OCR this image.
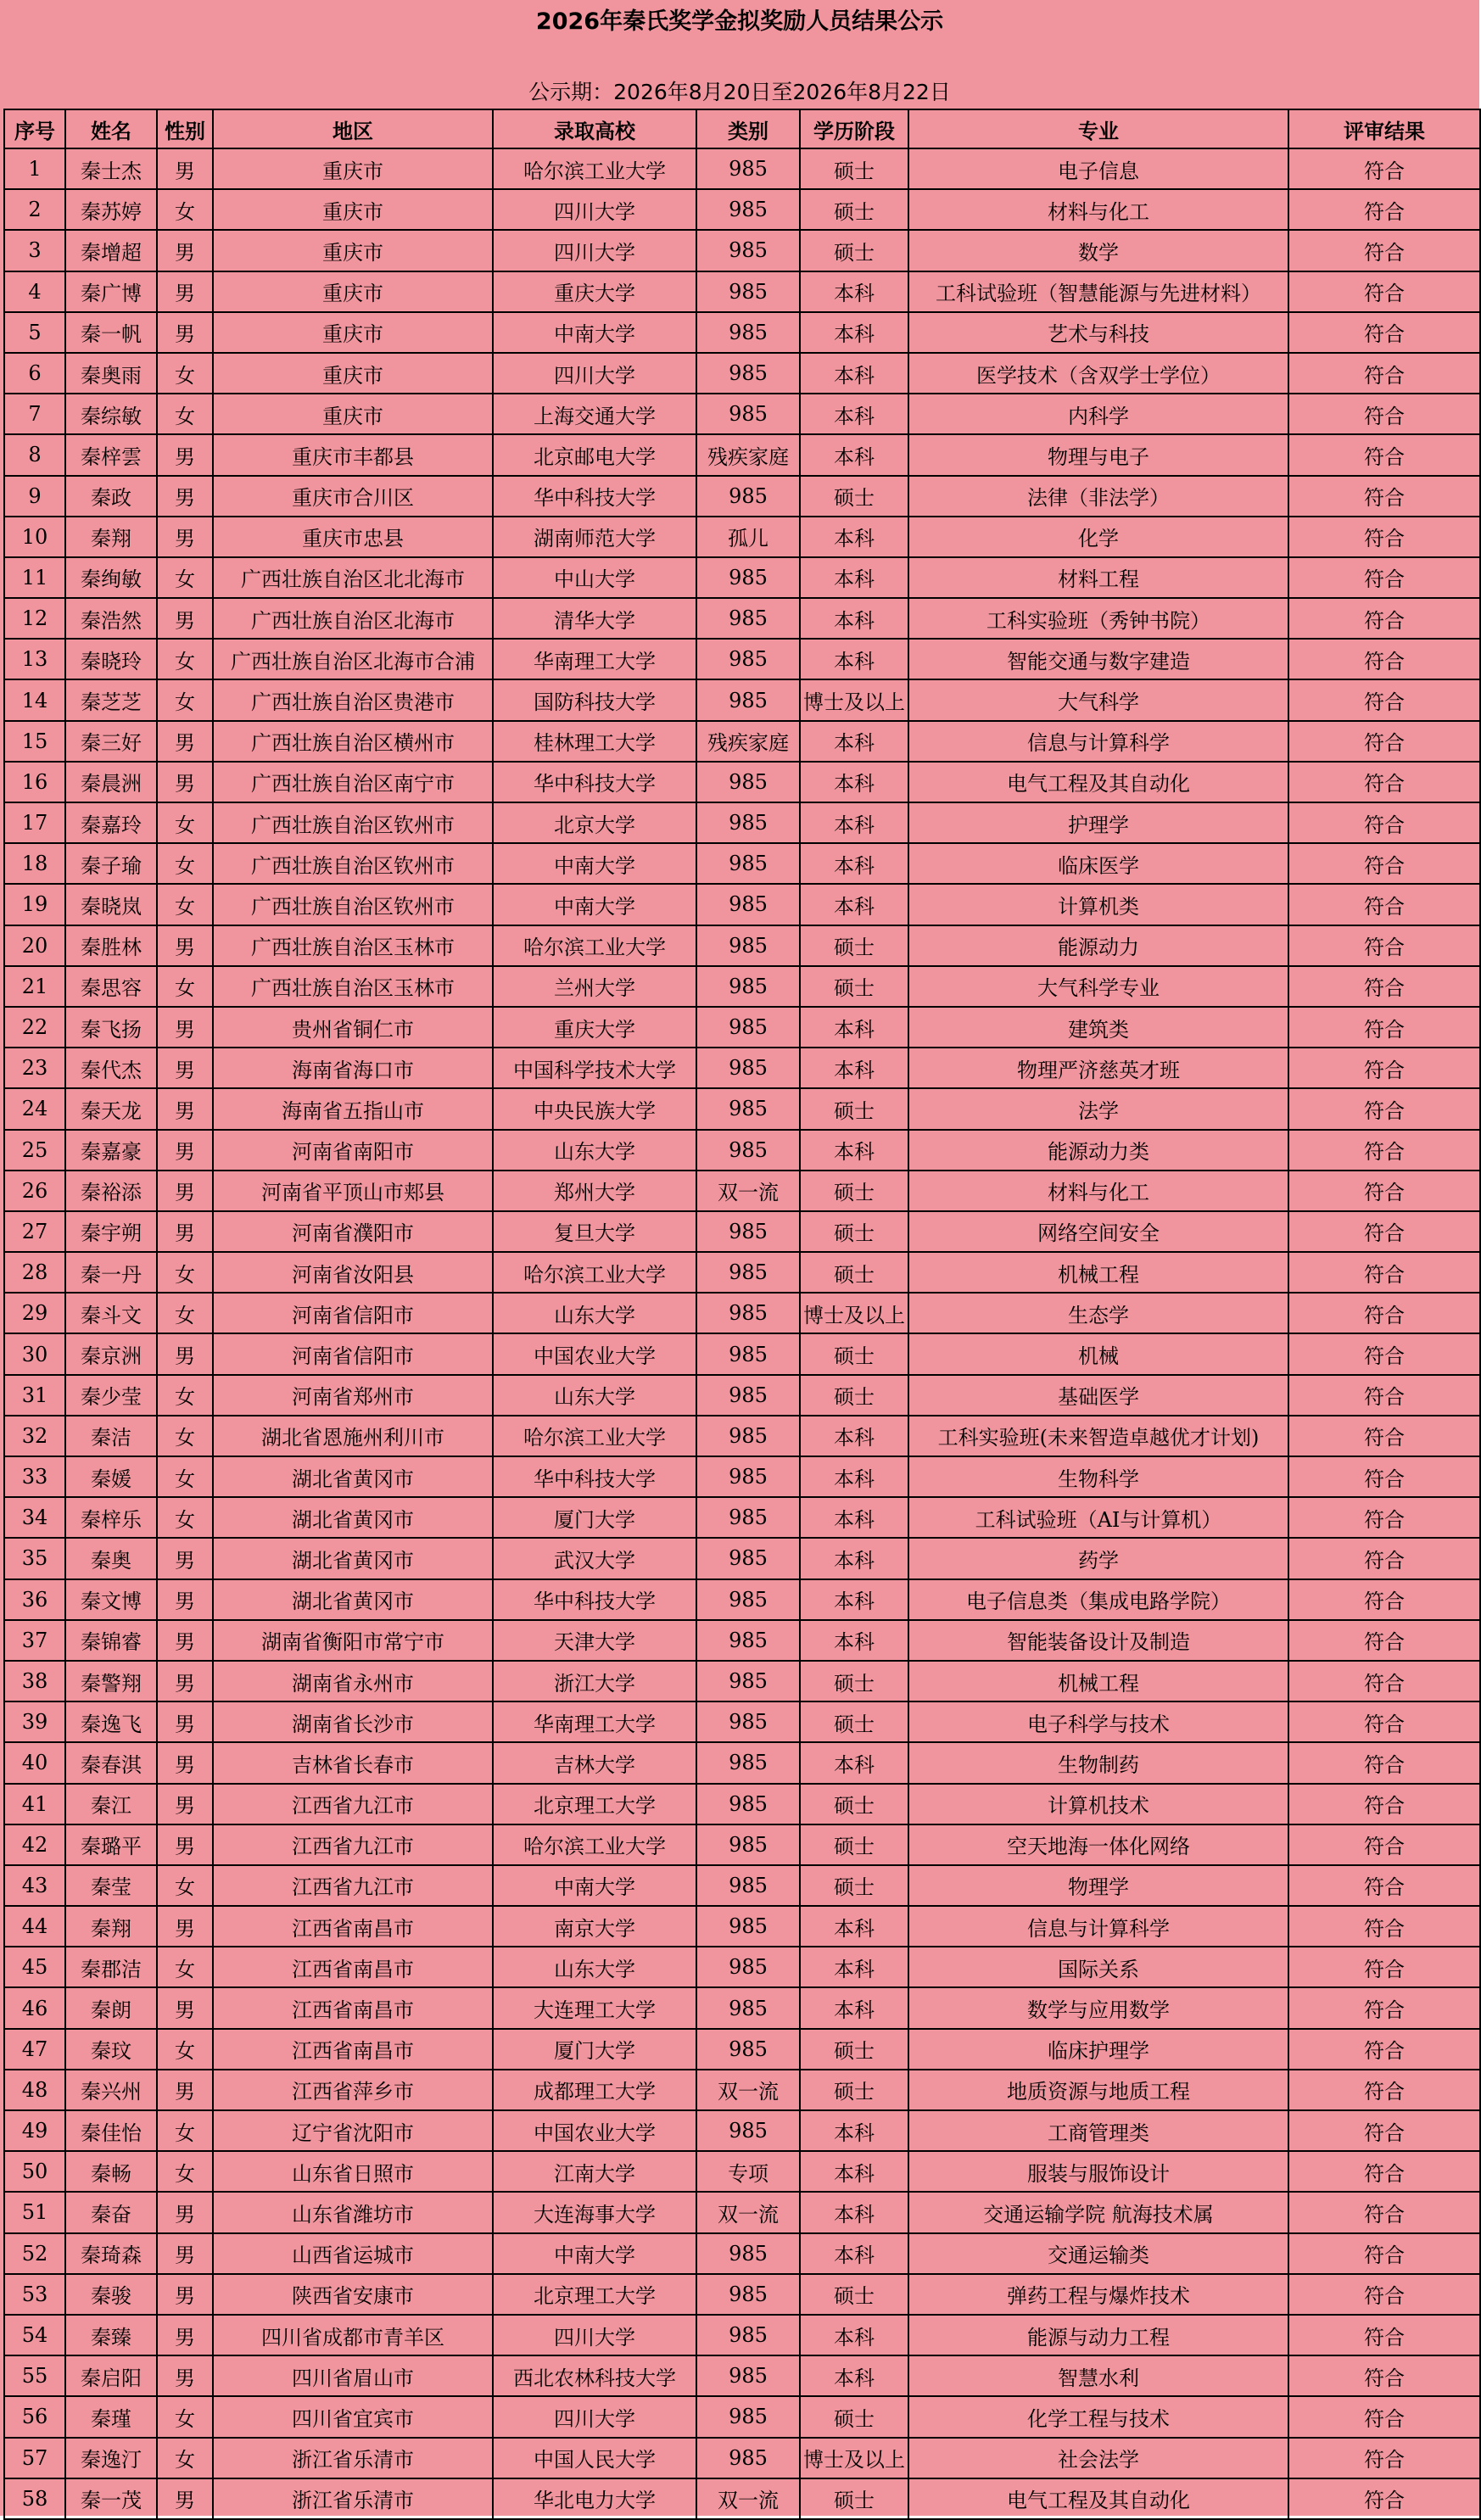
2026年秦氏奖学金拟奖励人员结果公示
公示期：2026年8月20日至2026年8月22日
序号	姓名	性别	地区	录取高校	类别	学历阶段	专业	评审结果
1	秦士杰	男	重庆市	哈尔滨工业大学	985	硕士	电子信息	符合
2	秦苏婷	女	重庆市	四川大学	985	硕士	材料与化工	符合
3	秦增超	男	重庆市	四川大学	985	硕士	数学	符合
4	秦广博	男	重庆市	重庆大学	985	本科	工科试验班（智慧能源与先进材料）	符合
5	秦一帆	男	重庆市	中南大学	985	本科	艺术与科技	符合
6	秦奥雨	女	重庆市	四川大学	985	本科	医学技术（含双学士学位）	符合
7	秦综敏	女	重庆市	上海交通大学	985	本科	内科学	符合
8	秦梓雲	男	重庆市丰都县	北京邮电大学	残疾家庭	本科	物理与电子	符合
9	秦政	男	重庆市合川区	华中科技大学	985	硕士	法律（非法学）	符合
10	秦翔	男	重庆市忠县	湖南师范大学	孤儿	本科	化学	符合
11	秦绚敏	女	广西壮族自治区北北海市	中山大学	985	本科	材料工程	符合
12	秦浩然	男	广西壮族自治区北海市	清华大学	985	本科	工科实验班（秀钟书院）	符合
13	秦晓玲	女	广西壮族自治区北海市合浦	华南理工大学	985	本科	智能交通与数字建造	符合
14	秦芝芝	女	广西壮族自治区贵港市	国防科技大学	985	博士及以上	大气科学	符合
15	秦三好	男	广西壮族自治区横州市	桂林理工大学	残疾家庭	本科	信息与计算科学	符合
16	秦晨洲	男	广西壮族自治区南宁市	华中科技大学	985	本科	电气工程及其自动化	符合
17	秦嘉玲	女	广西壮族自治区钦州市	北京大学	985	本科	护理学	符合
18	秦子瑜	女	广西壮族自治区钦州市	中南大学	985	本科	临床医学	符合
19	秦晓岚	女	广西壮族自治区钦州市	中南大学	985	本科	计算机类	符合
20	秦胜林	男	广西壮族自治区玉林市	哈尔滨工业大学	985	硕士	能源动力	符合
21	秦思容	女	广西壮族自治区玉林市	兰州大学	985	硕士	大气科学专业	符合
22	秦飞扬	男	贵州省铜仁市	重庆大学	985	本科	建筑类	符合
23	秦代杰	男	海南省海口市	中国科学技术大学	985	本科	物理严济慈英才班	符合
24	秦天龙	男	海南省五指山市	中央民族大学	985	硕士	法学	符合
25	秦嘉豪	男	河南省南阳市	山东大学	985	本科	能源动力类	符合
26	秦裕添	男	河南省平顶山市郏县	郑州大学	双一流	硕士	材料与化工	符合
27	秦宇朔	男	河南省濮阳市	复旦大学	985	硕士	网络空间安全	符合
28	秦一丹	女	河南省汝阳县	哈尔滨工业大学	985	硕士	机械工程	符合
29	秦斗文	女	河南省信阳市	山东大学	985	博士及以上	生态学	符合
30	秦京洲	男	河南省信阳市	中国农业大学	985	硕士	机械	符合
31	秦少莹	女	河南省郑州市	山东大学	985	硕士	基础医学	符合
32	秦洁	女	湖北省恩施州利川市	哈尔滨工业大学	985	本科	工科实验班(未来智造卓越优才计划)	符合
33	秦媛	女	湖北省黄冈市	华中科技大学	985	本科	生物科学	符合
34	秦梓乐	女	湖北省黄冈市	厦门大学	985	本科	工科试验班（AI与计算机）	符合
35	秦奥	男	湖北省黄冈市	武汉大学	985	本科	药学	符合
36	秦文博	男	湖北省黄冈市	华中科技大学	985	本科	电子信息类（集成电路学院）	符合
37	秦锦睿	男	湖南省衡阳市常宁市	天津大学	985	本科	智能装备设计及制造	符合
38	秦警翔	男	湖南省永州市	浙江大学	985	硕士	机械工程	符合
39	秦逸飞	男	湖南省长沙市	华南理工大学	985	硕士	电子科学与技术	符合
40	秦春淇	男	吉林省长春市	吉林大学	985	本科	生物制药	符合
41	秦江	男	江西省九江市	北京理工大学	985	硕士	计算机技术	符合
42	秦璐平	男	江西省九江市	哈尔滨工业大学	985	硕士	空天地海一体化网络	符合
43	秦莹	女	江西省九江市	中南大学	985	硕士	物理学	符合
44	秦翔	男	江西省南昌市	南京大学	985	本科	信息与计算科学	符合
45	秦郡洁	女	江西省南昌市	山东大学	985	本科	国际关系	符合
46	秦朗	男	江西省南昌市	大连理工大学	985	本科	数学与应用数学	符合
47	秦玟	女	江西省南昌市	厦门大学	985	硕士	临床护理学	符合
48	秦兴州	男	江西省萍乡市	成都理工大学	双一流	硕士	地质资源与地质工程	符合
49	秦佳怡	女	辽宁省沈阳市	中国农业大学	985	本科	工商管理类	符合
50	秦畅	女	山东省日照市	江南大学	专项	本科	服装与服饰设计	符合
51	秦奋	男	山东省潍坊市	大连海事大学	双一流	本科	交通运输学院 航海技术属	符合
52	秦琦森	男	山西省运城市	中南大学	985	本科	交通运输类	符合
53	秦骏	男	陕西省安康市	北京理工大学	985	硕士	弹药工程与爆炸技术	符合
54	秦臻	男	四川省成都市青羊区	四川大学	985	本科	能源与动力工程	符合
55	秦启阳	男	四川省眉山市	西北农林科技大学	985	本科	智慧水利	符合
56	秦瑾	女	四川省宜宾市	四川大学	985	硕士	化学工程与技术	符合
57	秦逸汀	女	浙江省乐清市	中国人民大学	985	博士及以上	社会法学	符合
58	秦一茂	男	浙江省乐清市	华北电力大学	双一流	硕士	电气工程及其自动化	符合
